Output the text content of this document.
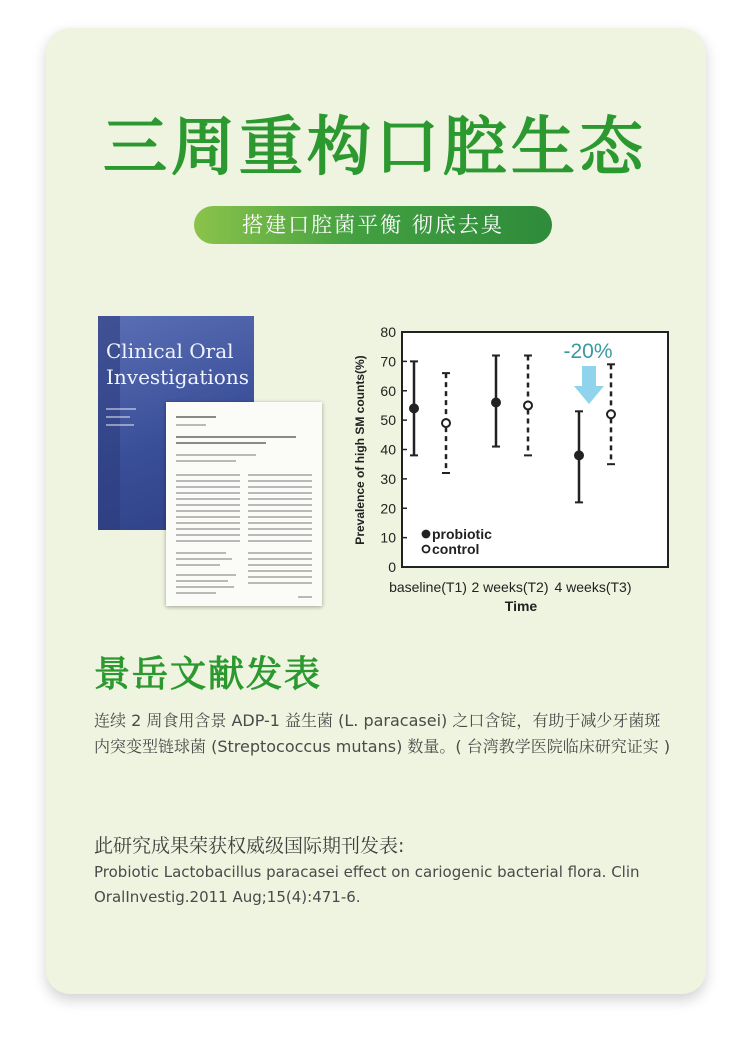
三周重构口腔生态
搭建口腔菌平衡 彻底去臭
Clinical Oral
Investigations
0
10
20
30
40
50
60
70
80
baseline(T1) 2 weeks(T2) 4 weeks(T3)
probiotic
control
Prevalence of high SM counts(%)
Time
-20%
景岳文献发表
连续 2 周食用含景 ADP-1 益生菌 (L. paracasei) 之口含锭，有助于减少牙菌斑内突变型链球菌 (Streptococcus mutans) 数量。( 台湾教学医院临床研究证实 )
此研究成果荣获权威级国际期刊发表:
Probiotic Lactobacillus paracasei effect on cariogenic bacterial flora. Clin OralInvestig.2011 Aug;15(4):471-6.
